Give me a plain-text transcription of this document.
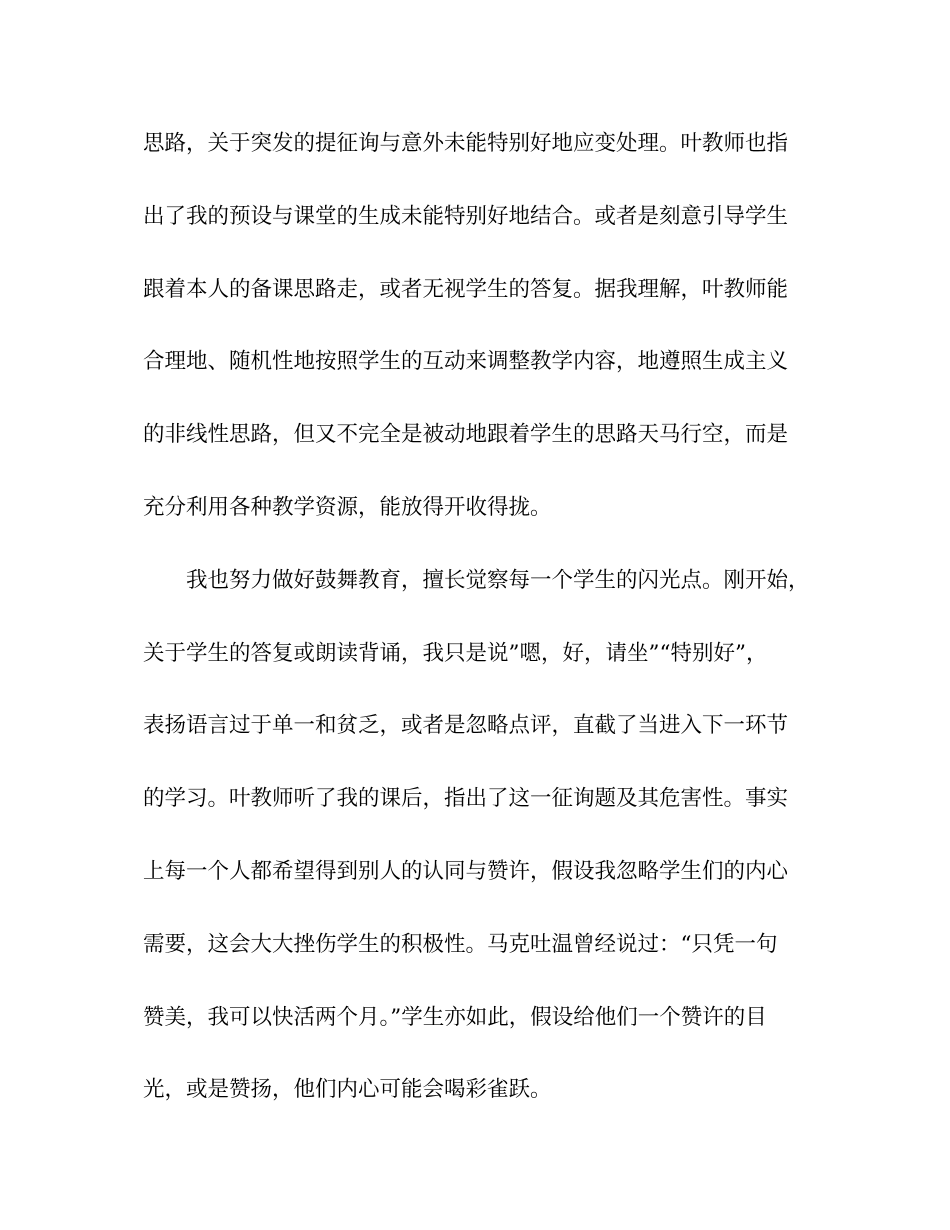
思路，关于突发的提征询与意外未能特别好地应变处理。叶教师也指
出了我的预设与课堂的生成未能特别好地结合。或者是刻意引导学生
跟着本人的备课思路走，或者无视学生的答复。据我理解，叶教师能
合理地、随机性地按照学生的互动来调整教学内容，地遵照生成主义
的非线性思路，但又不完全是被动地跟着学生的思路天马行空，而是
充分利用各种教学资源，能放得开收得拢。
我也努力做好鼓舞教育，擅长觉察每一个学生的闪光点。刚开始，
关于学生的答复或朗读背诵，我只是说”嗯，好，请坐”“特别好”，
表扬语言过于单一和贫乏，或者是忽略点评，直截了当进入下一环节
的学习。叶教师听了我的课后，指出了这一征询题及其危害性。事实
上每一个人都希望得到别人的认同与赞许，假设我忽略学生们的内心
需要，这会大大挫伤学生的积极性。马克吐温曾经说过：“只凭一句
赞美，我可以快活两个月。”学生亦如此，假设给他们一个赞许的目
光，或是赞扬，他们内心可能会喝彩雀跃。
